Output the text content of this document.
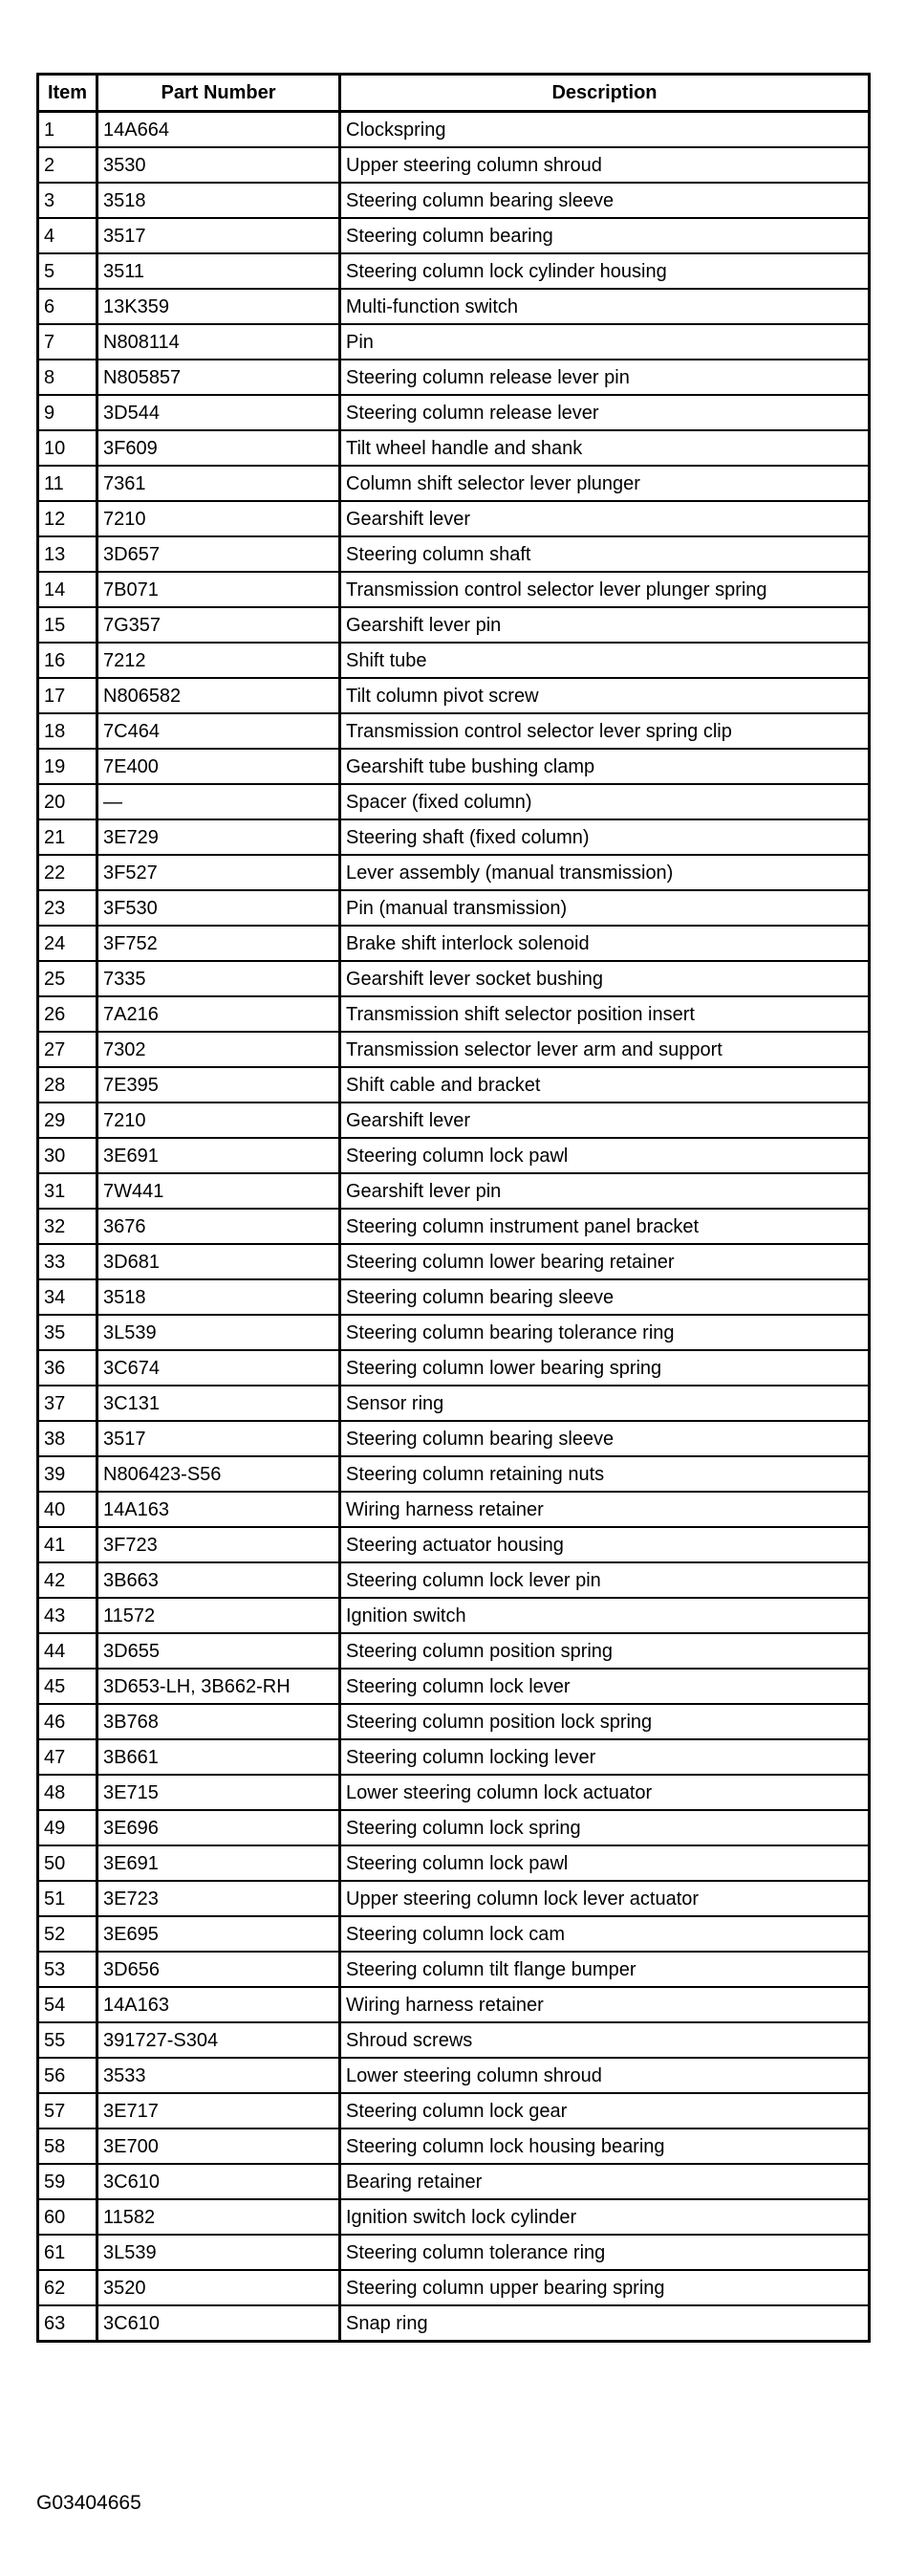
Item	Part Number	Description
1	14A664	Clockspring
2	3530	Upper steering column shroud
3	3518	Steering column bearing sleeve
4	3517	Steering column bearing
5	3511	Steering column lock cylinder housing
6	13K359	Multi-function switch
7	N808114	Pin
8	N805857	Steering column release lever pin
9	3D544	Steering column release lever
10	3F609	Tilt wheel handle and shank
11	7361	Column shift selector lever plunger
12	7210	Gearshift lever
13	3D657	Steering column shaft
14	7B071	Transmission control selector lever plunger spring
15	7G357	Gearshift lever pin
16	7212	Shift tube
17	N806582	Tilt column pivot screw
18	7C464	Transmission control selector lever spring clip
19	7E400	Gearshift tube bushing clamp
20	—	Spacer (fixed column)
21	3E729	Steering shaft (fixed column)
22	3F527	Lever assembly (manual transmission)
23	3F530	Pin (manual transmission)
24	3F752	Brake shift interlock solenoid
25	7335	Gearshift lever socket bushing
26	7A216	Transmission shift selector position insert
27	7302	Transmission selector lever arm and support
28	7E395	Shift cable and bracket
29	7210	Gearshift lever
30	3E691	Steering column lock pawl
31	7W441	Gearshift lever pin
32	3676	Steering column instrument panel bracket
33	3D681	Steering column lower bearing retainer
34	3518	Steering column bearing sleeve
35	3L539	Steering column bearing tolerance ring
36	3C674	Steering column lower bearing spring
37	3C131	Sensor ring
38	3517	Steering column bearing sleeve
39	N806423-S56	Steering column retaining nuts
40	14A163	Wiring harness retainer
41	3F723	Steering actuator housing
42	3B663	Steering column lock lever pin
43	11572	Ignition switch
44	3D655	Steering column position spring
45	3D653-LH, 3B662-RH	Steering column lock lever
46	3B768	Steering column position lock spring
47	3B661	Steering column locking lever
48	3E715	Lower steering column lock actuator
49	3E696	Steering column lock spring
50	3E691	Steering column lock pawl
51	3E723	Upper steering column lock lever actuator
52	3E695	Steering column lock cam
53	3D656	Steering column tilt flange bumper
54	14A163	Wiring harness retainer
55	391727-S304	Shroud screws
56	3533	Lower steering column shroud
57	3E717	Steering column lock gear
58	3E700	Steering column lock housing bearing
59	3C610	Bearing retainer
60	11582	Ignition switch lock cylinder
61	3L539	Steering column tolerance ring
62	3520	Steering column upper bearing spring
63	3C610	Snap ring
G03404665
